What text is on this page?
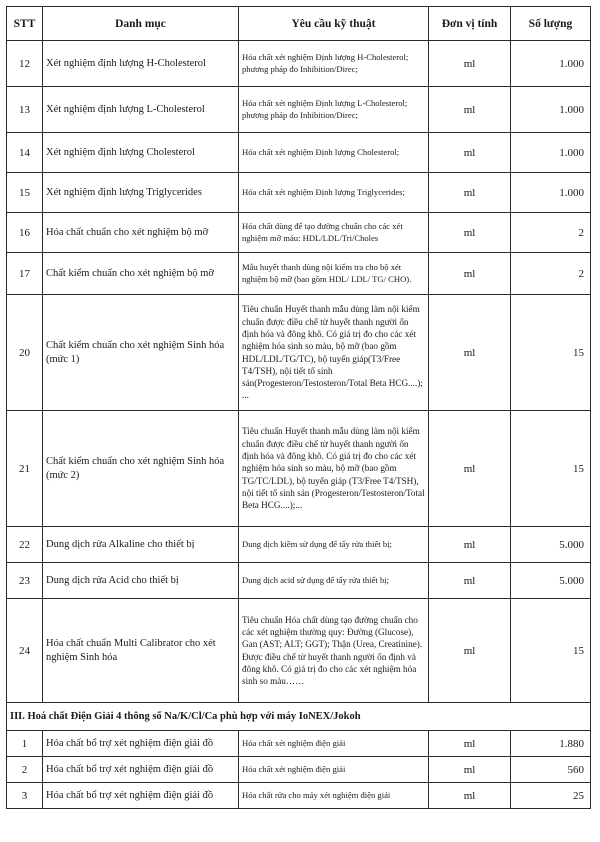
STT	Danh mục	Yêu cầu kỹ thuật	Đơn vị tính	Số lượng
12	Xét nghiệm định lượng H-Cholesterol	Hóa chất xét nghiệm Định lượng H-Cholesterol; phương pháp đo Inhibition/Direc;	ml	1.000
13	Xét nghiệm định lượng L-Cholesterol	Hóa chất xét nghiệm Định lượng L-Cholesterol; phương pháp đo Inhibition/Direc;	ml	1.000
14	Xét nghiệm định lượng Cholesterol	Hóa chất xét nghiệm Định lượng Cholesterol;	ml	1.000
15	Xét nghiệm định lượng Triglycerides	Hóa chất xét nghiệm Định lượng Triglycerides;	ml	1.000
16	Hóa chất chuẩn cho xét nghiệm bộ mỡ	Hóa chất dùng để tạo đường chuẩn cho các xét nghiệm mỡ máu: HDL/LDL/Tri/Choles	ml	2
17	Chất kiểm chuẩn cho xét nghiệm bộ mỡ	Mẫu huyết thanh dùng nội kiểm tra cho bộ xét nghiệm bộ mỡ (bao gồm HDL/ LDL/ TG/ CHO).	ml	2
20	Chất kiểm chuẩn cho xét nghiệm Sinh hóa (mức 1)	Tiêu chuẩn Huyết thanh mẫu dùng làm nội kiểm chuẩn được điều chế từ huyết thanh người ổn định hóa và đông khô. Có giá trị đo cho các xét nghiệm hóa sinh so màu, bộ mỡ (bao gồm HDL/LDL/TG/TC), bộ tuyến giáp(T3/Free T4/TSH), nội tiết tố sinh sản(Progesteron/Testosteron/Total Beta HCG....); ...	ml	15
21	Chất kiểm chuẩn cho xét nghiệm Sinh hóa (mức 2)	Tiêu chuẩn Huyết thanh mẫu dùng làm nội kiểm chuẩn được điều chế từ huyết thanh người ổn định hóa và đông khô. Có giá trị đo cho các xét nghiệm hóa sinh so màu, bộ mỡ (bao gồm TG/TC/LDL), bộ tuyến giáp (T3/Free T4/TSH), nội tiết tố sinh sản (Progesteron/Testosteron/Total Beta HCG....);...	ml	15
22	Dung dịch rửa Alkaline cho thiết bị	Dung dịch kiềm sử dụng để tẩy rửa thiết bị;	ml	5.000
23	Dung dịch rửa Acid cho thiết bị	Dung dịch acid sử dụng để tẩy rửa thiết bị;	ml	5.000
24	Hóa chất chuẩn Multi Calibrator cho xét nghiệm Sinh hóa	Tiêu chuẩn Hóa chất dùng tạo đường chuẩn cho các xét nghiệm thường quy: Đường (Glucose), Gan (AST; ALT; GGT); Thận (Urea, Creatinine). Được điều chế từ huyết thanh người ổn định và đông khô. Có giá trị đo cho các xét nghiệm hóa sinh so màu……	ml	15
III. Hoá chất Điện Giải 4 thông số Na/K/Cl/Ca phù hợp với máy IoNEX/Jokoh				
1	Hóa chất bổ trợ xét nghiệm điện giải đồ	Hóa chất xét nghiệm điện giải	ml	1.880
2	Hóa chất bổ trợ xét nghiệm điện giải đồ	Hóa chất xét nghiệm điện giải	ml	560
3	Hóa chất bổ trợ xét nghiệm điện giải đồ	Hóa chất rửa cho máy xét nghiệm điện giải	ml	25
